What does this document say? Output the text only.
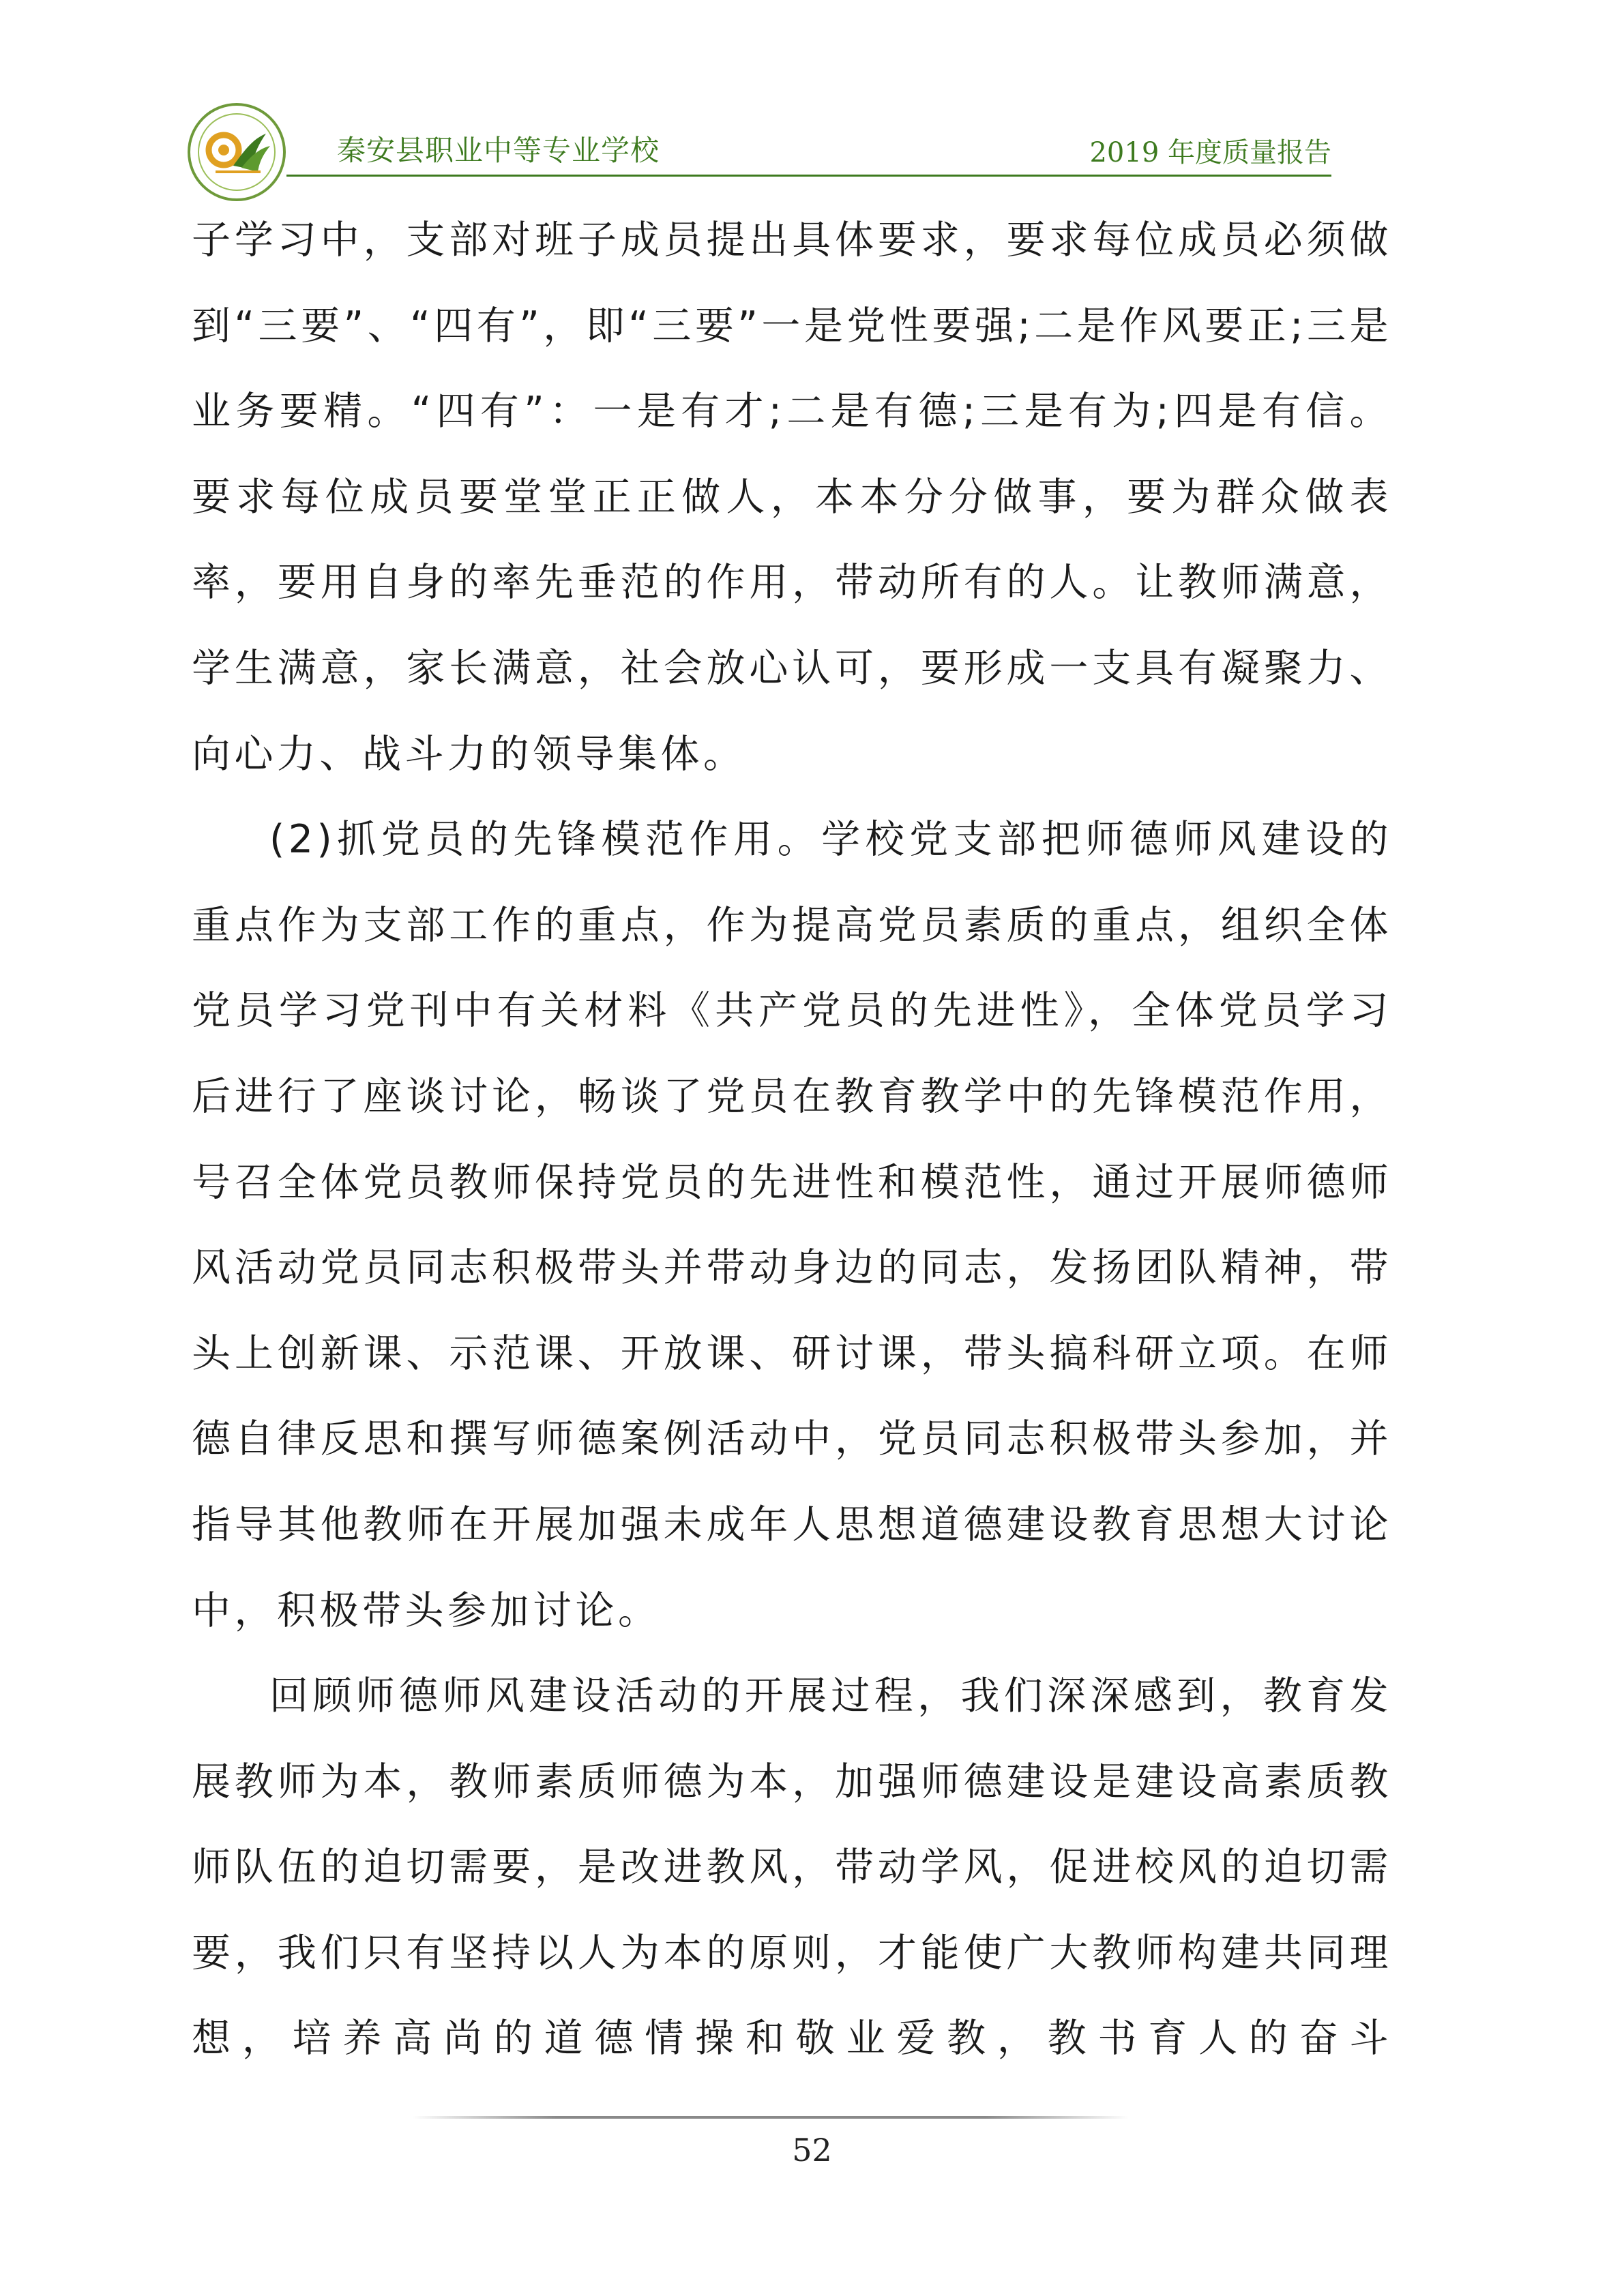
秦安县职业中等专业学校	2019 年度质量报告

子学习中，支部对班子成员提出具体要求，要求每位成员必须做到“三要”、“四有”，即“三要”一是党性要强;二是作风要正;三是业务要精。“四有”：一是有才;二是有德;三是有为;四是有信。要求每位成员要堂堂正正做人，本本分分做事，要为群众做表率，要用自身的率先垂范的作用，带动所有的人。让教师满意，学生满意，家长满意，社会放心认可，要形成一支具有凝聚力、向心力、战斗力的领导集体。

(2)抓党员的先锋模范作用。学校党支部把师德师风建设的重点作为支部工作的重点，作为提高党员素质的重点，组织全体党员学习党刊中有关材料《共产党员的先进性》，全体党员学习后进行了座谈讨论，畅谈了党员在教育教学中的先锋模范作用，号召全体党员教师保持党员的先进性和模范性，通过开展师德师风活动党员同志积极带头并带动身边的同志，发扬团队精神，带头上创新课、示范课、开放课、研讨课，带头搞科研立项。在师德自律反思和撰写师德案例活动中，党员同志积极带头参加，并指导其他教师在开展加强未成年人思想道德建设教育思想大讨论中，积极带头参加讨论。

回顾师德师风建设活动的开展过程，我们深深感到，教育发展教师为本，教师素质师德为本，加强师德建设是建设高素质教师队伍的迫切需要，是改进教风，带动学风，促进校风的迫切需要，我们只有坚持以人为本的原则，才能使广大教师构建共同理想，培养高尚的道德情操和敬业爱教，教书育人的奋斗

52
